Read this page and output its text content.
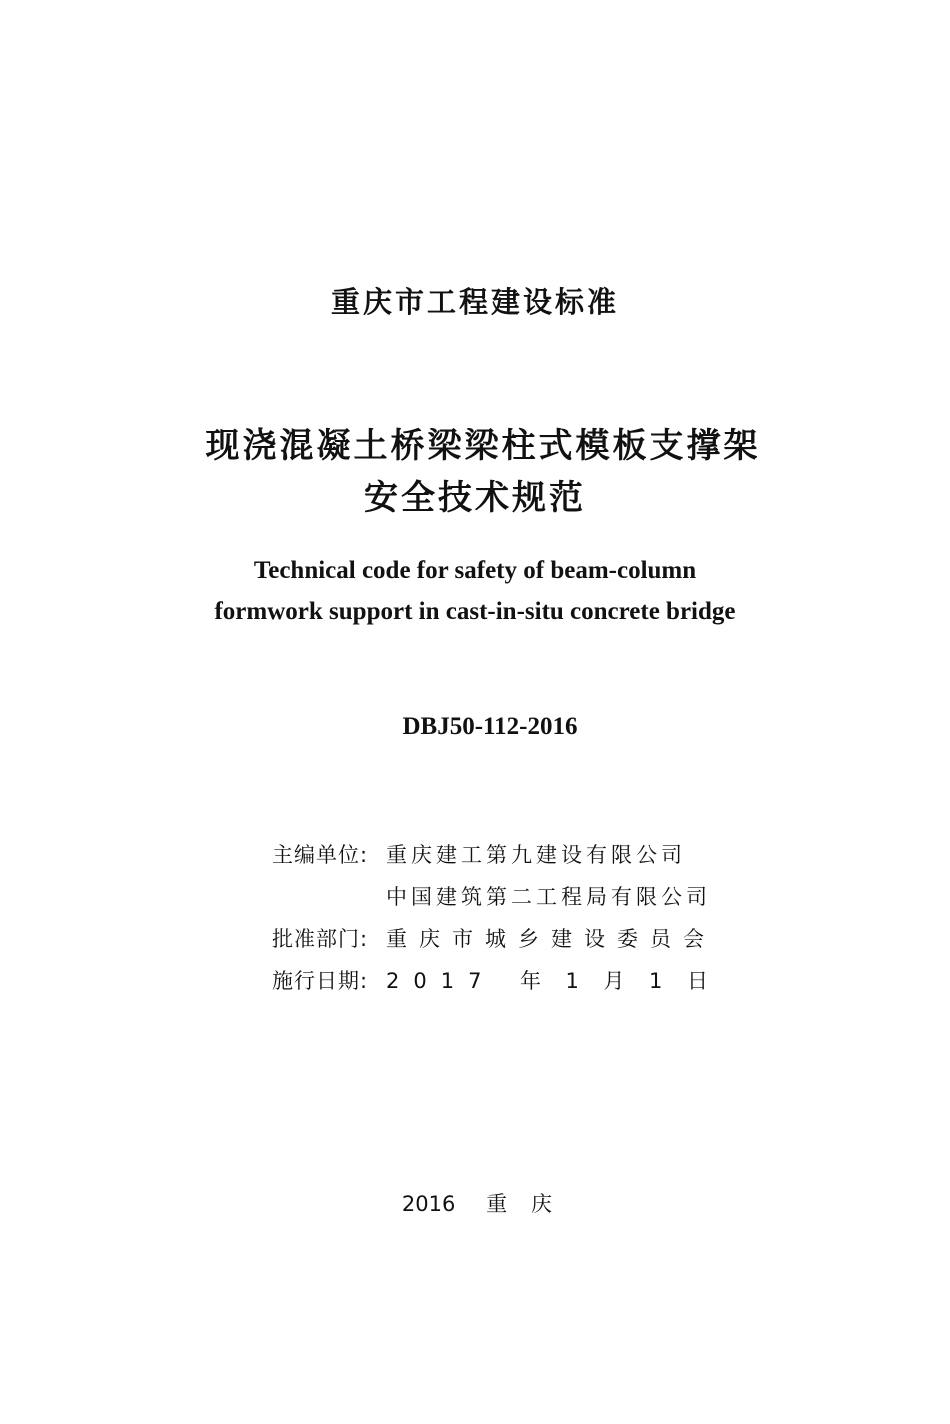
重庆市工程建设标准
现浇混凝土桥梁梁柱式模板支撑架
安全技术规范
Technical code for safety of beam-column
formwork support in cast-in-situ concrete bridge
DBJ50-112-2016
主编单位: 重庆建工第九建设有限公司
中国建筑第二工程局有限公司
批准部门: 重庆市城乡建设委员会
施行日期: 2017 年 1 月 1 日
2016 重庆
